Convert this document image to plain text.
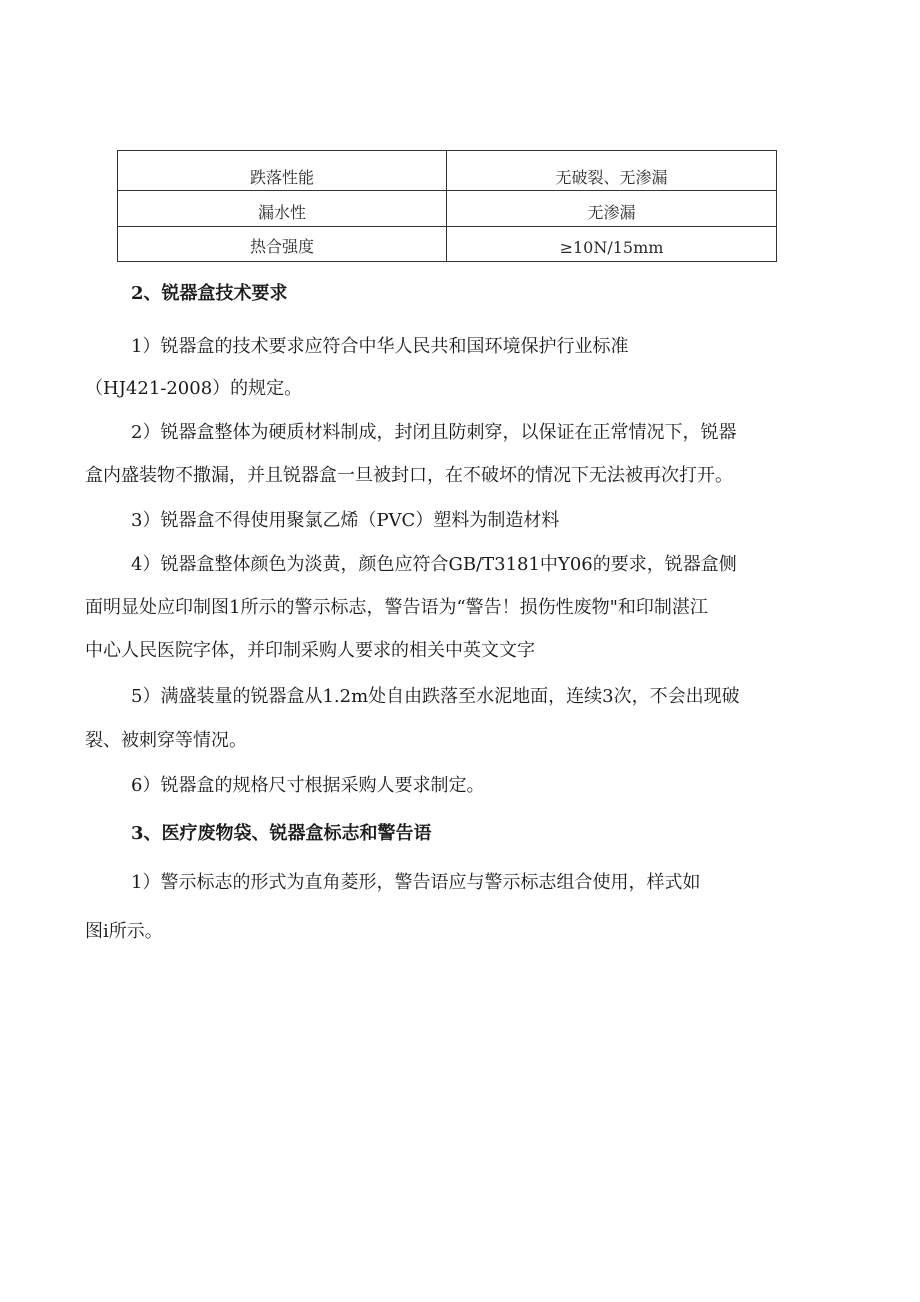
跌落性能	无破裂、无渗漏
漏水性	无渗漏
热合强度	≥10N/15mm
2、锐器盒技术要求

1）锐器盒的技术要求应符合中华人民共和国环境保护行业标准

（HJ421-2008）的规定。

2）锐器盒整体为硬质材料制成，封闭且防刺穿，以保证在正常情况下，锐器

盒内盛装物不撒漏，并且锐器盒一旦被封口，在不破坏的情况下无法被再次打开。

3）锐器盒不得使用聚氯乙烯（PVC）塑料为制造材料

4）锐器盒整体颜色为淡黄，颜色应符合GB/T3181中Y06的要求，锐器盒侧

面明显处应印制图1所示的警示标志，警告语为“警告！损伤性废物"和印制湛江

中心人民医院字体，并印制采购人要求的相关中英文文字

5）满盛装量的锐器盒从1.2m处自由跌落至水泥地面，连续3次，不会出现破

裂、被刺穿等情况。

6）锐器盒的规格尺寸根据采购人要求制定。

3、医疗废物袋、锐器盒标志和警告语

1）警示标志的形式为直角菱形，警告语应与警示标志组合使用，样式如

图i所示。
